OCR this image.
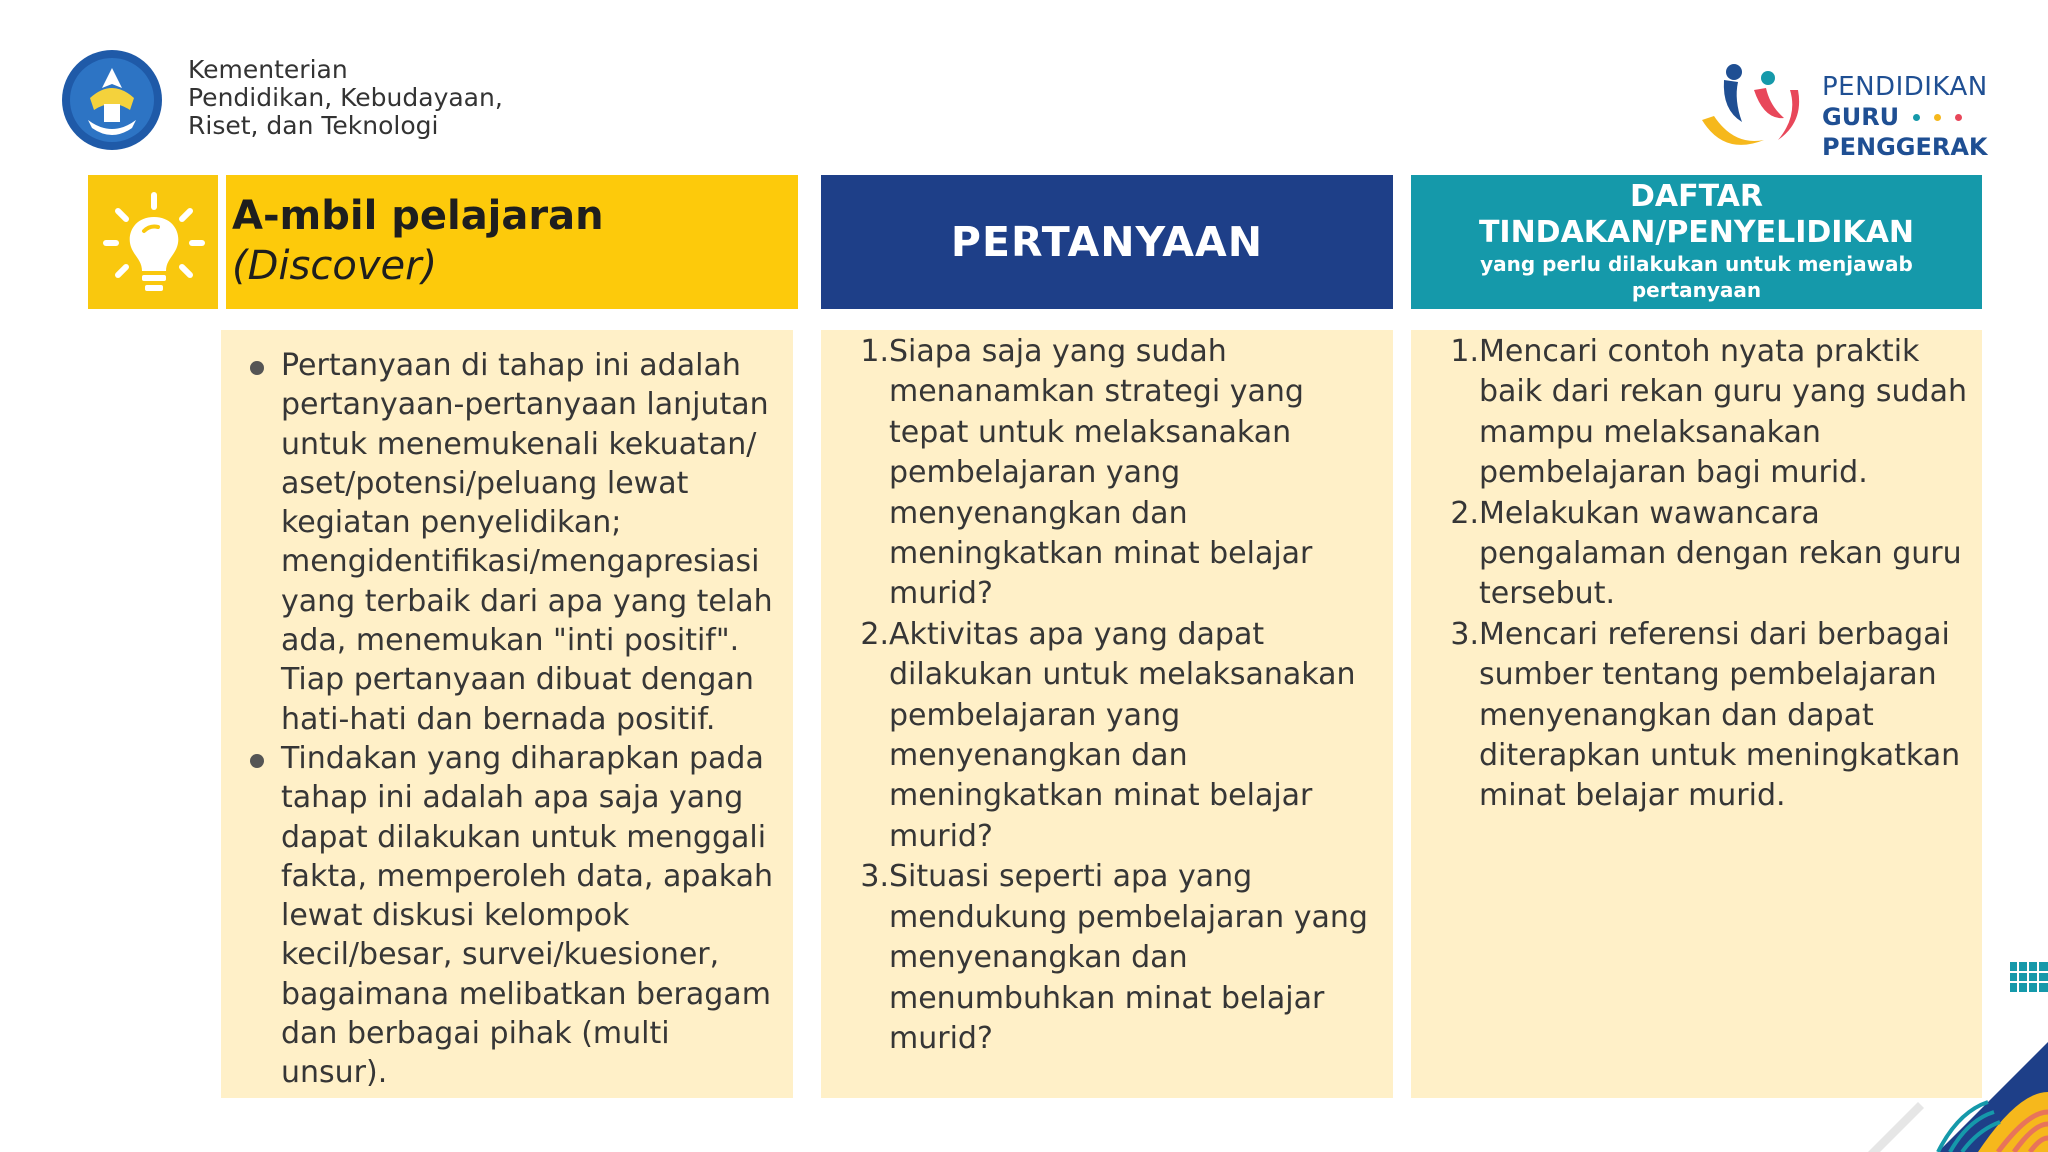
Kementerian
Pendidikan, Kebudayaan,
Riset, dan Teknologi
PENDIDIKAN
GURU
PENGGERAK
A-mbil pelajaran
(Discover)	PERTANYAAN
DAFTAR
TINDAKAN/PENYELIDIKAN
yang perlu dilakukan untuk menjawab pertanyaan
Pertanyaan di tahap ini adalah pertanyaan-pertanyaan lanjutan untuk menemukenali kekuatan/ aset/potensi/peluang lewat kegiatan penyelidikan; mengidentifikasi/mengapresiasi yang terbaik dari apa yang telah ada, menemukan "inti positif". Tiap pertanyaan dibuat dengan hati-hati dan bernada positif.
Tindakan yang diharapkan pada tahap ini adalah apa saja yang dapat dilakukan untuk menggali fakta, memperoleh data, apakah lewat diskusi kelompok kecil/besar, survei/kuesioner, bagaimana melibatkan beragam dan berbagai pihak (multi unsur).
1. Siapa saja yang sudah menanamkan strategi yang tepat untuk melaksanakan pembelajaran yang menyenangkan dan meningkatkan minat belajar murid?
2. Aktivitas apa yang dapat dilakukan untuk melaksanakan pembelajaran yang menyenangkan dan meningkatkan minat belajar murid?
3. Situasi seperti apa yang mendukung pembelajaran yang menyenangkan dan menumbuhkan minat belajar murid?
1. Mencari contoh nyata praktik baik dari rekan guru yang sudah mampu melaksanakan pembelajaran bagi murid.
2. Melakukan wawancara pengalaman dengan rekan guru tersebut.
3. Mencari referensi dari berbagai sumber tentang pembelajaran menyenangkan dan dapat diterapkan untuk meningkatkan minat belajar murid.
